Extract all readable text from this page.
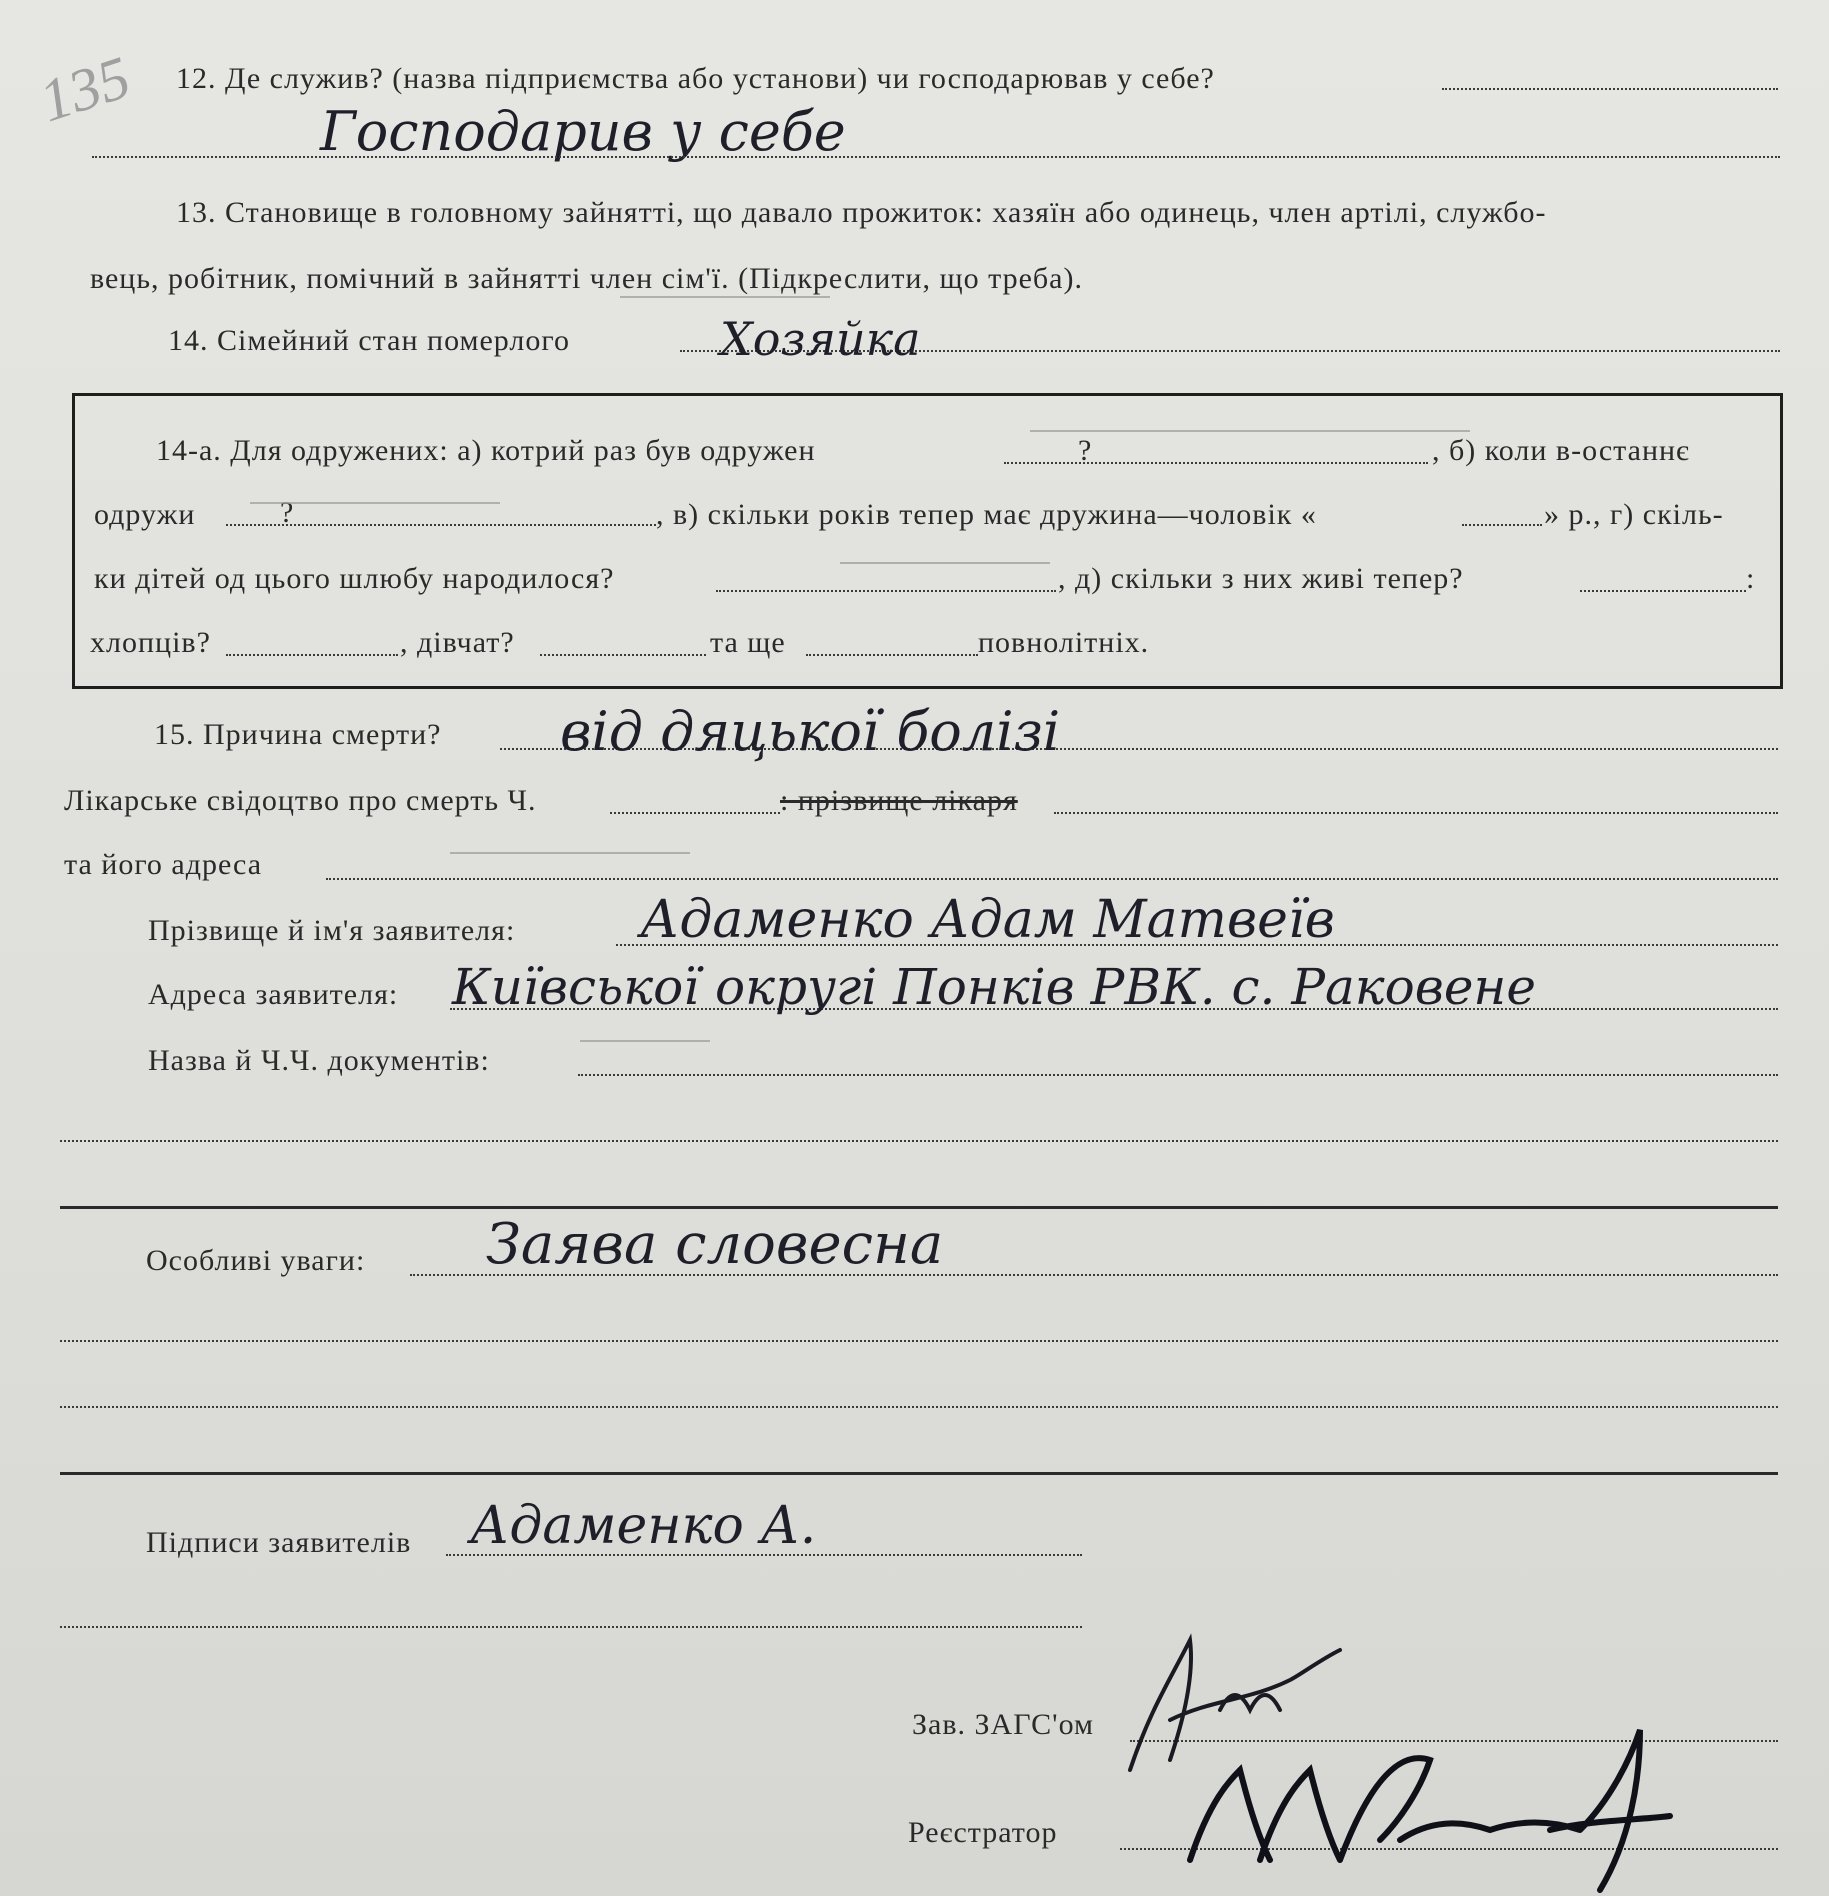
135 12. Де служив? (назва підприємства або установи) чи господарював у себе?
Господарив у себе
13. Становище в головному зайнятті, що давало прожиток: хазяїн або одинець, член артілі, службо-
вець, робітник, помічний в зайнятті член сім'ї. (Підкреслити, що треба).
14. Сімейний стан померлого	Хозяйка
14-а. Для одружених: а) котрий раз був одружен	?	, б) коли в-останнє
одружи	?	, в) скільки років тепер має дружина—чоловік «	» р., г) скіль-
ки дітей од цього шлюбу народилося?	, д) скільки з них живі тепер?	:
хлопців?	, дівчат?	та ще	повнолітніх.
15. Причина смерти? від дяцької болізі
Лікарське свідоцтво про смерть Ч.	: прізвище лікаря
та його адреса
Прізвище й ім'я заявителя: Адаменко Адам Матвеїв
Адреса заявителя: Київської округі Понків РВК. с. Раковене
Назва й Ч.Ч. документів:
Особливі уваги: Заява словесна
Підписи заявителів Адаменко А.
Зав. ЗАГС'ом
Реєстратор
